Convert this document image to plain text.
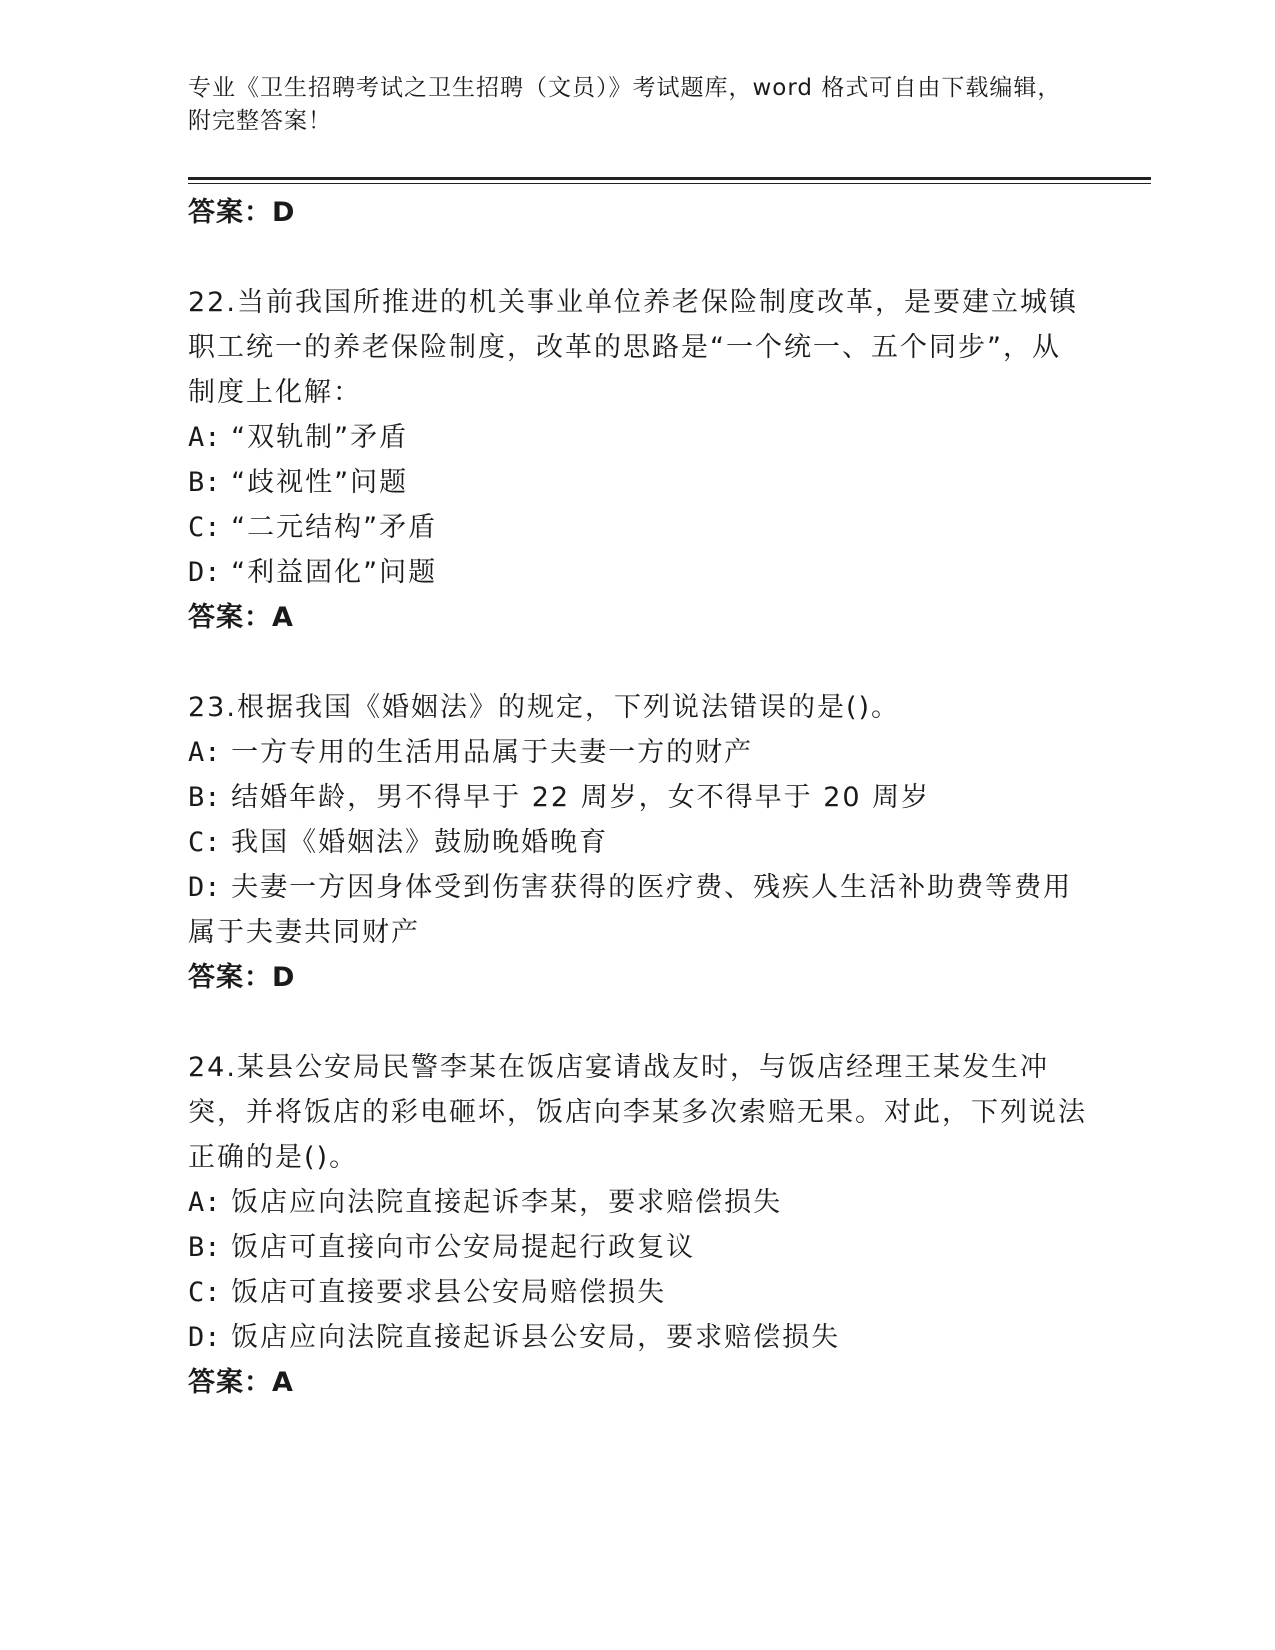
专业《卫生招聘考试之卫生招聘（文员）》考试题库，word 格式可自由下载编辑，附完整答案！
答案：D

22.当前我国所推进的机关事业单位养老保险制度改革，是要建立城镇职工统一的养老保险制度，改革的思路是“一个统一、五个同步”，从制度上化解：

A: “双轨制”矛盾

B: “歧视性”问题

C: “二元结构”矛盾

D: “利益固化”问题

答案：A

23.根据我国《婚姻法》的规定，下列说法错误的是()。

A: 一方专用的生活用品属于夫妻一方的财产

B: 结婚年龄，男不得早于 22 周岁，女不得早于 20 周岁

C: 我国《婚姻法》鼓励晚婚晚育

D: 夫妻一方因身体受到伤害获得的医疗费、残疾人生活补助费等费用属于夫妻共同财产

答案：D

24.某县公安局民警李某在饭店宴请战友时，与饭店经理王某发生冲突，并将饭店的彩电砸坏，饭店向李某多次索赔无果。对此，下列说法正确的是()。

A: 饭店应向法院直接起诉李某，要求赔偿损失

B: 饭店可直接向市公安局提起行政复议

C: 饭店可直接要求县公安局赔偿损失

D: 饭店应向法院直接起诉县公安局，要求赔偿损失

答案：A
